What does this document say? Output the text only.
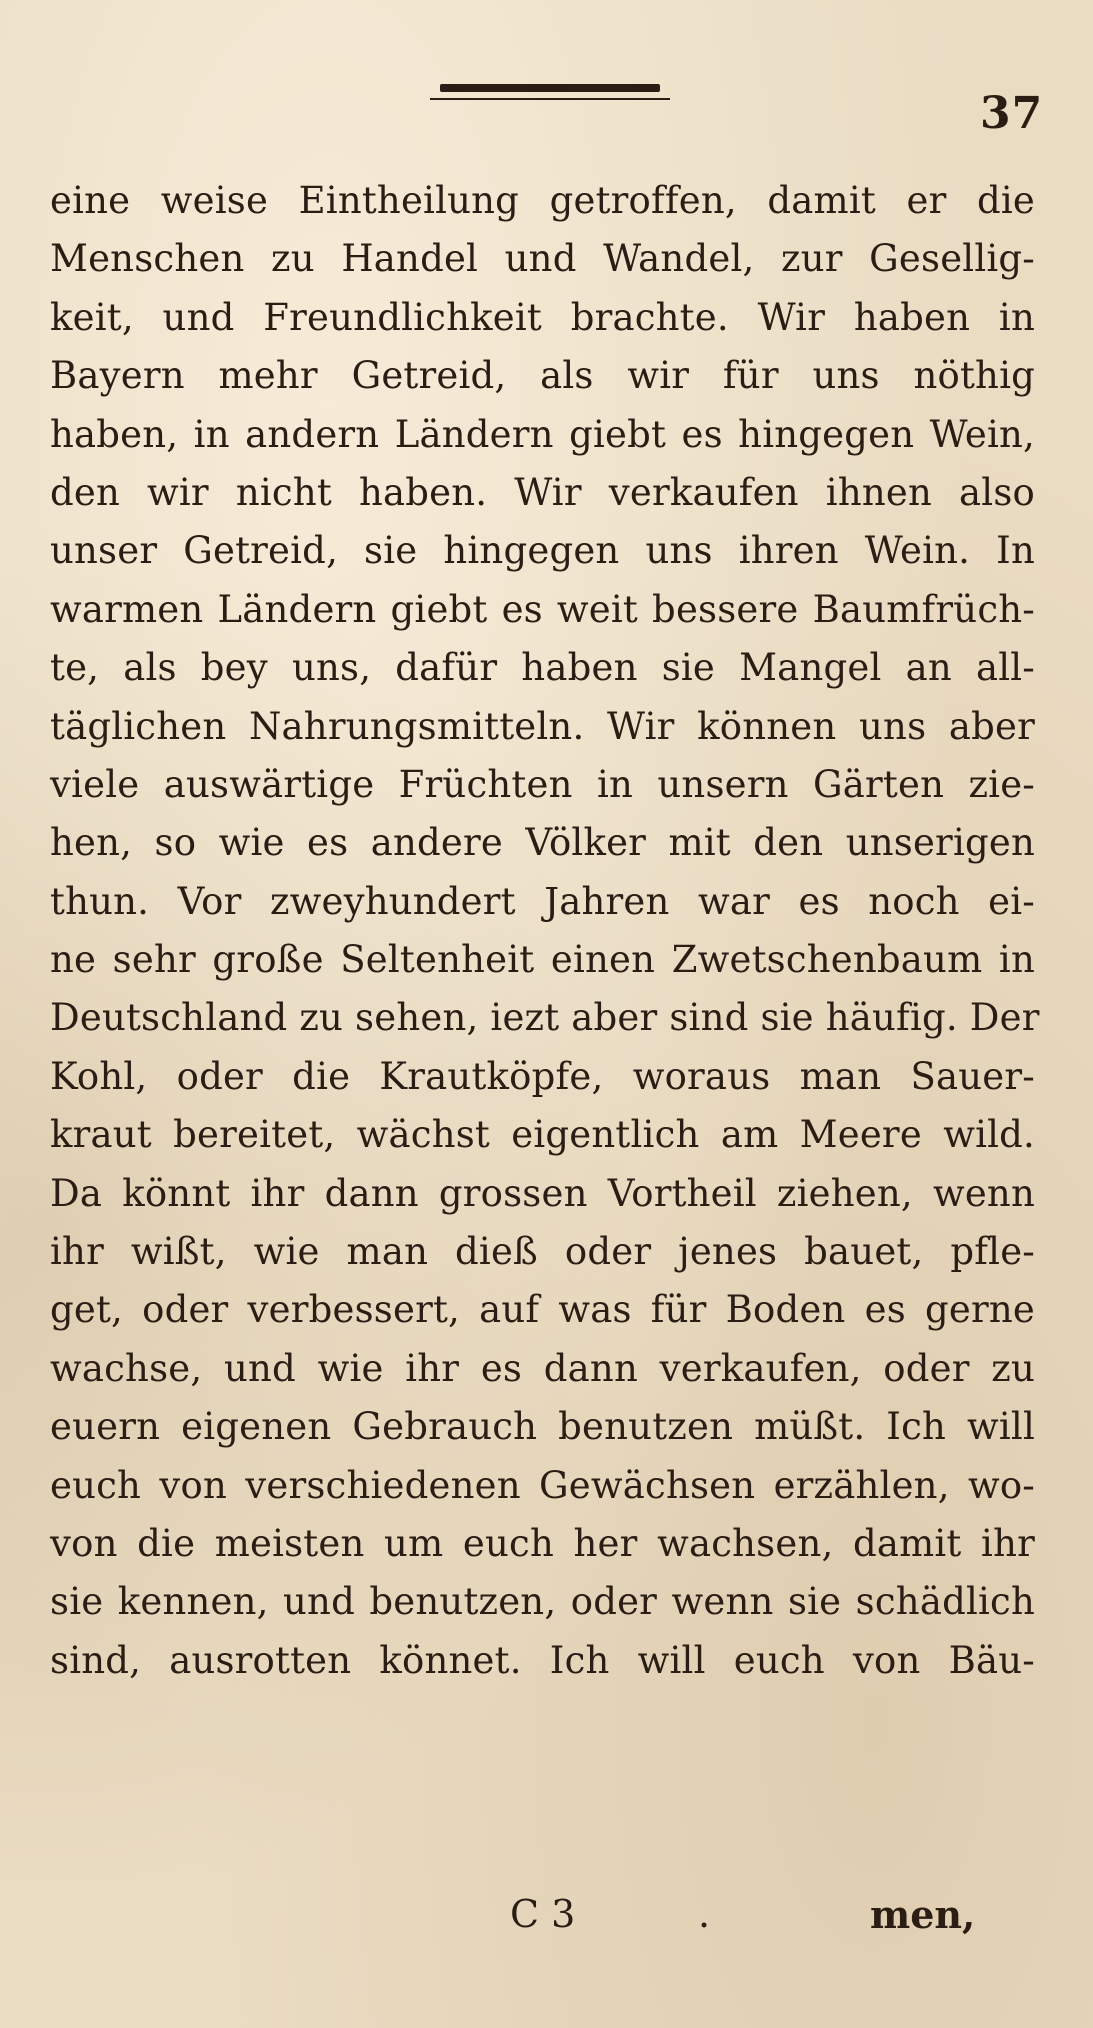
37
eine weise Eintheilung getroffen, damit er die
Menschen zu Handel und Wandel, zur Gesellig-
keit, und Freundlichkeit brachte. Wir haben in
Bayern mehr Getreid, als wir für uns nöthig
haben, in andern Ländern giebt es hingegen Wein,
den wir nicht haben. Wir verkaufen ihnen also
unser Getreid, sie hingegen uns ihren Wein. In
warmen Ländern giebt es weit bessere Baumfrüch-
te, als bey uns, dafür haben sie Mangel an all-
täglichen Nahrungsmitteln. Wir können uns aber
viele auswärtige Früchten in unsern Gärten zie-
hen, so wie es andere Völker mit den unserigen
thun. Vor zweyhundert Jahren war es noch ei-
ne sehr große Seltenheit einen Zwetschenbaum in
Deutschland zu sehen, iezt aber sind sie häufig. Der
Kohl, oder die Krautköpfe, woraus man Sauer-
kraut bereitet, wächst eigentlich am Meere wild.
Da könnt ihr dann grossen Vortheil ziehen, wenn
ihr wißt, wie man dieß oder jenes bauet, pfle-
get, oder verbessert, auf was für Boden es gerne
wachse, und wie ihr es dann verkaufen, oder zu
euern eigenen Gebrauch benutzen müßt. Ich will
euch von verschiedenen Gewächsen erzählen, wo-
von die meisten um euch her wachsen, damit ihr
sie kennen, und benutzen, oder wenn sie schädlich
sind, ausrotten könnet. Ich will euch von Bäu-
C 3	.	men,
